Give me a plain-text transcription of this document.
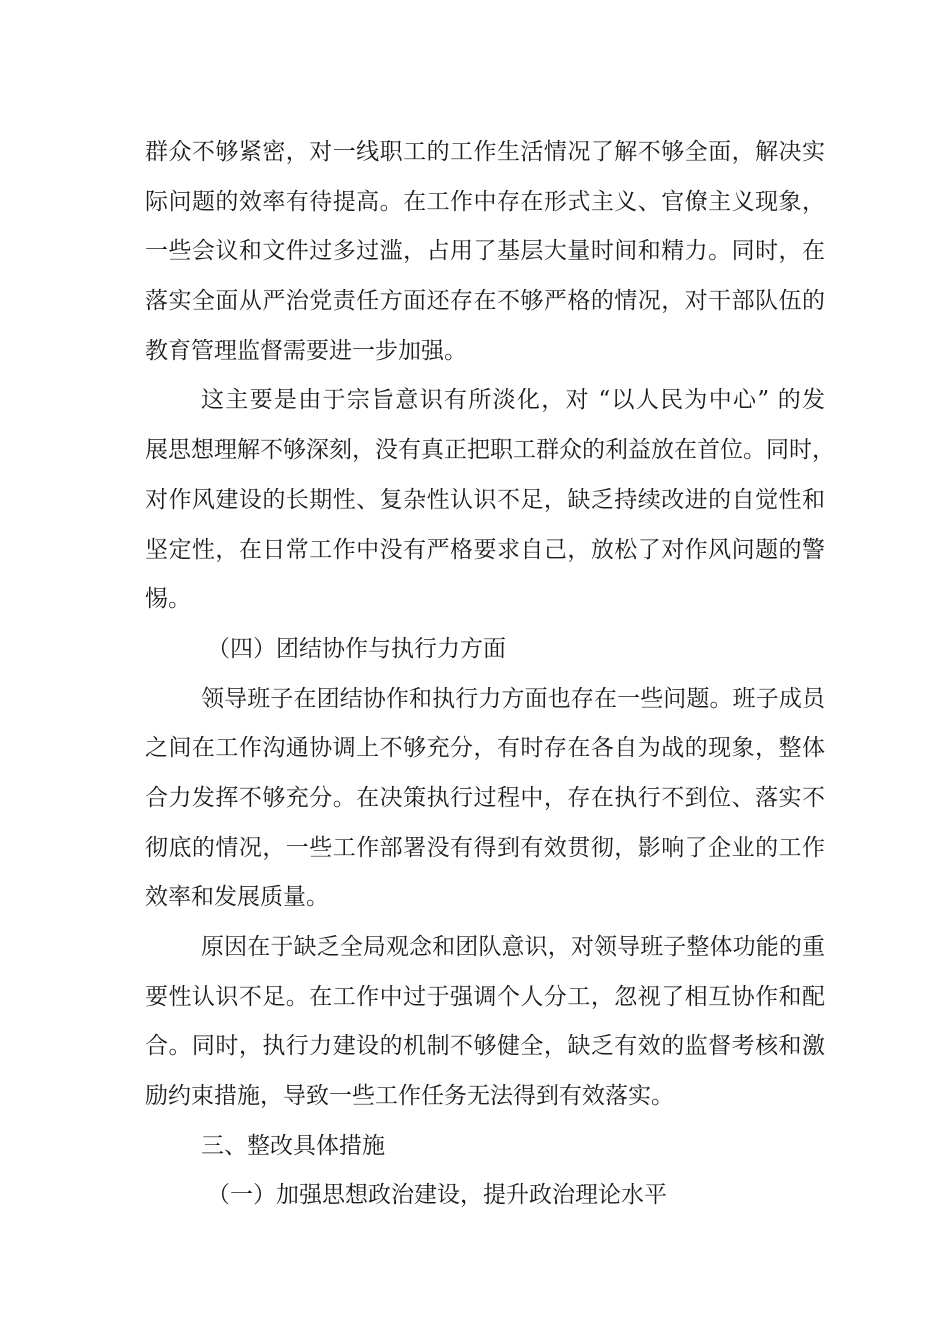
群众不够紧密，对一线职工的工作生活情况了解不够全面，解决实
际问题的效率有待提高。在工作中存在形式主义、官僚主义现象，
一些会议和文件过多过滥，占用了基层大量时间和精力。同时，在
落实全面从严治党责任方面还存在不够严格的情况，对干部队伍的
教育管理监督需要进一步加强。
这主要是由于宗旨意识有所淡化，对 “以人民为中心” 的发
展思想理解不够深刻，没有真正把职工群众的利益放在首位。同时，
对作风建设的长期性、复杂性认识不足，缺乏持续改进的自觉性和
坚定性，在日常工作中没有严格要求自己，放松了对作风问题的警
惕。
（四）团结协作与执行力方面
领导班子在团结协作和执行力方面也存在一些问题。班子成员
之间在工作沟通协调上不够充分，有时存在各自为战的现象，整体
合力发挥不够充分。在决策执行过程中，存在执行不到位、落实不
彻底的情况，一些工作部署没有得到有效贯彻，影响了企业的工作
效率和发展质量。
原因在于缺乏全局观念和团队意识，对领导班子整体功能的重
要性认识不足。在工作中过于强调个人分工，忽视了相互协作和配
合。同时，执行力建设的机制不够健全，缺乏有效的监督考核和激
励约束措施，导致一些工作任务无法得到有效落实。
三、整改具体措施
（一）加强思想政治建设，提升政治理论水平
